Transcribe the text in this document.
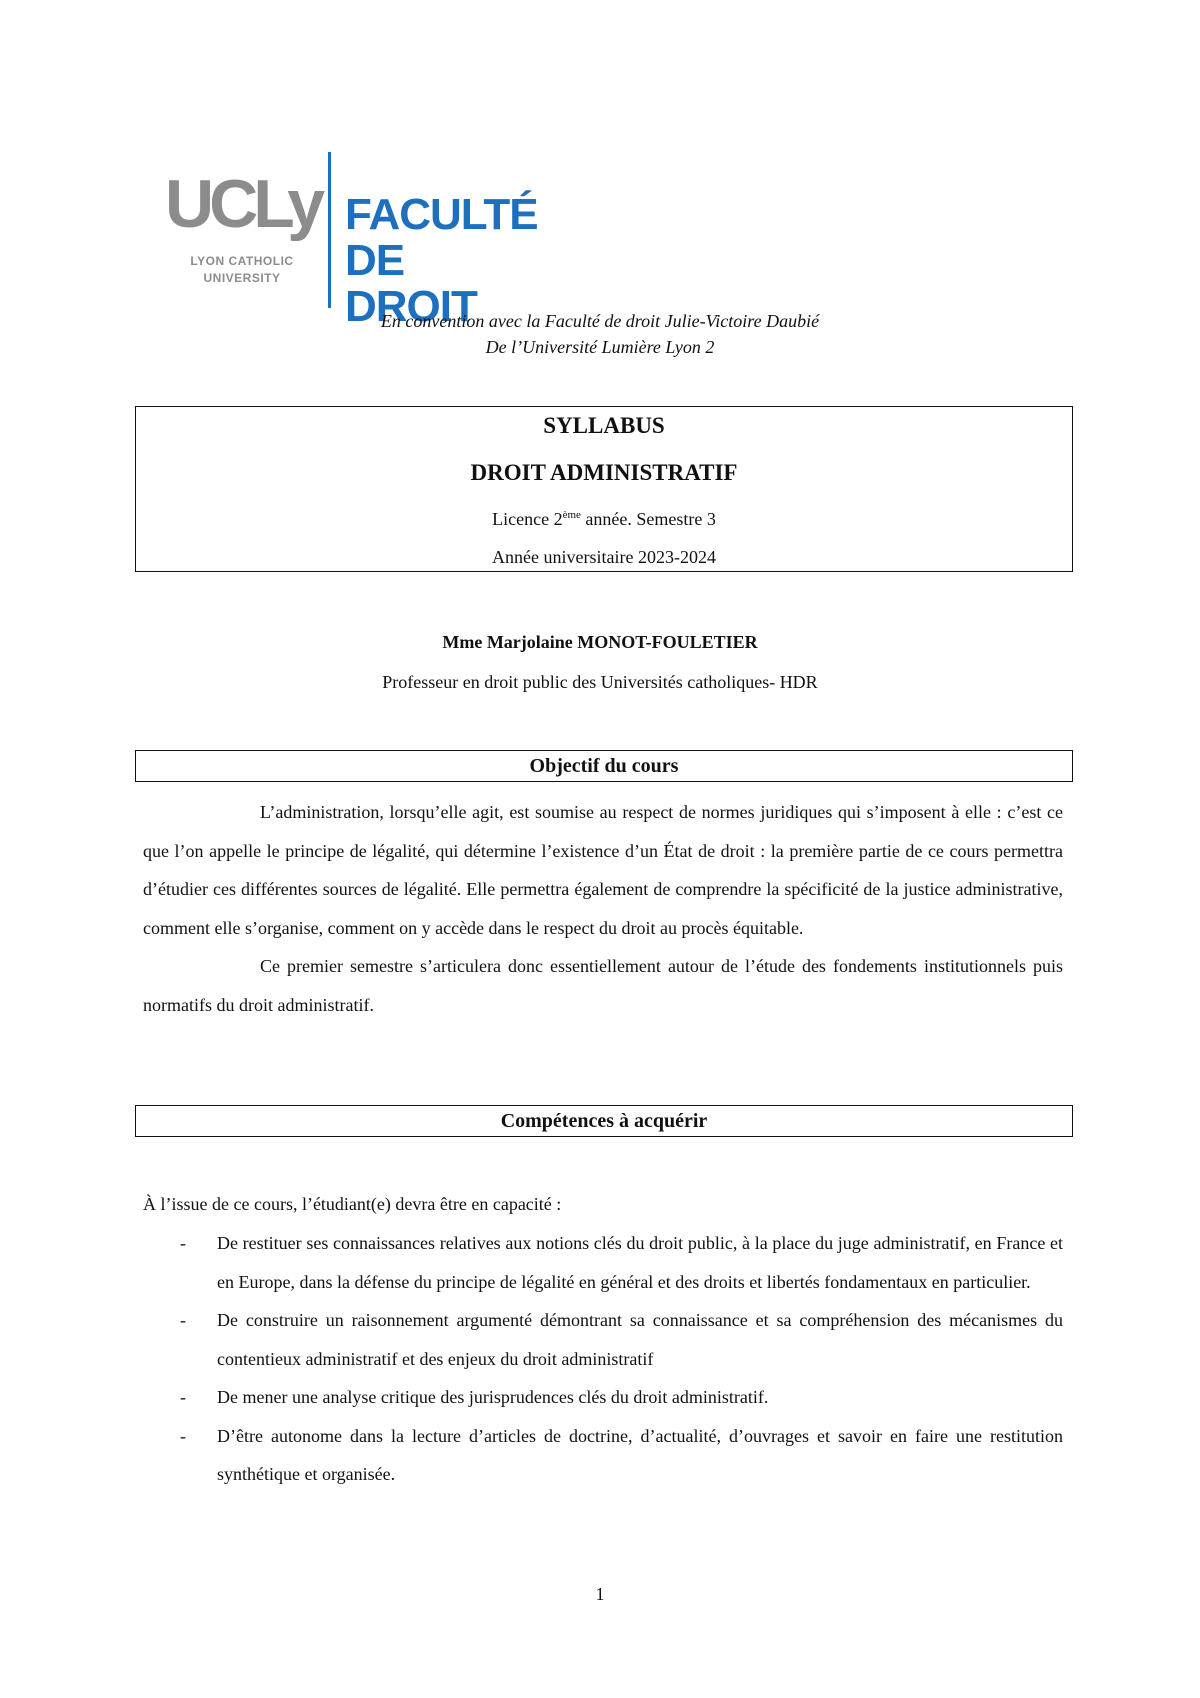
UCLy
LYON CATHOLIC
UNIVERSITY
FACULTÉ
DE DROIT
En convention avec la Faculté de droit Julie-Victoire Daubié
De l’Université Lumière Lyon 2
SYLLABUS
DROIT ADMINISTRATIF
Licence 2ème année. Semestre 3
Année universitaire 2023-2024
Mme Marjolaine MONOT-FOULETIER
Professeur en droit public des Universités catholiques- HDR
Objectif du cours

L’administration, lorsqu’elle agit, est soumise au respect de normes juridiques qui s’imposent à elle : c’est ce que l’on appelle le principe de légalité, qui détermine l’existence d’un État de droit : la première partie de ce cours permettra d’étudier ces différentes sources de légalité. Elle permettra également de comprendre la spécificité de la justice administrative, comment elle s’organise, comment on y accède dans le respect du droit au procès équitable.

Ce premier semestre s’articulera donc essentiellement autour de l’étude des fondements institutionnels puis normatifs du droit administratif.

Compétences à acquérir
À l’issue de ce cours, l’étudiant(e) devra être en capacité :
- De restituer ses connaissances relatives aux notions clés du droit public, à la place du juge administratif, en France et en Europe, dans la défense du principe de légalité en général et des droits et libertés fondamentaux en particulier.
- De construire un raisonnement argumenté démontrant sa connaissance et sa compréhension des mécanismes du contentieux administratif et des enjeux du droit administratif
- De mener une analyse critique des jurisprudences clés du droit administratif.
- D’être autonome dans la lecture d’articles de doctrine, d’actualité, d’ouvrages et savoir en faire une restitution synthétique et organisée.
1
